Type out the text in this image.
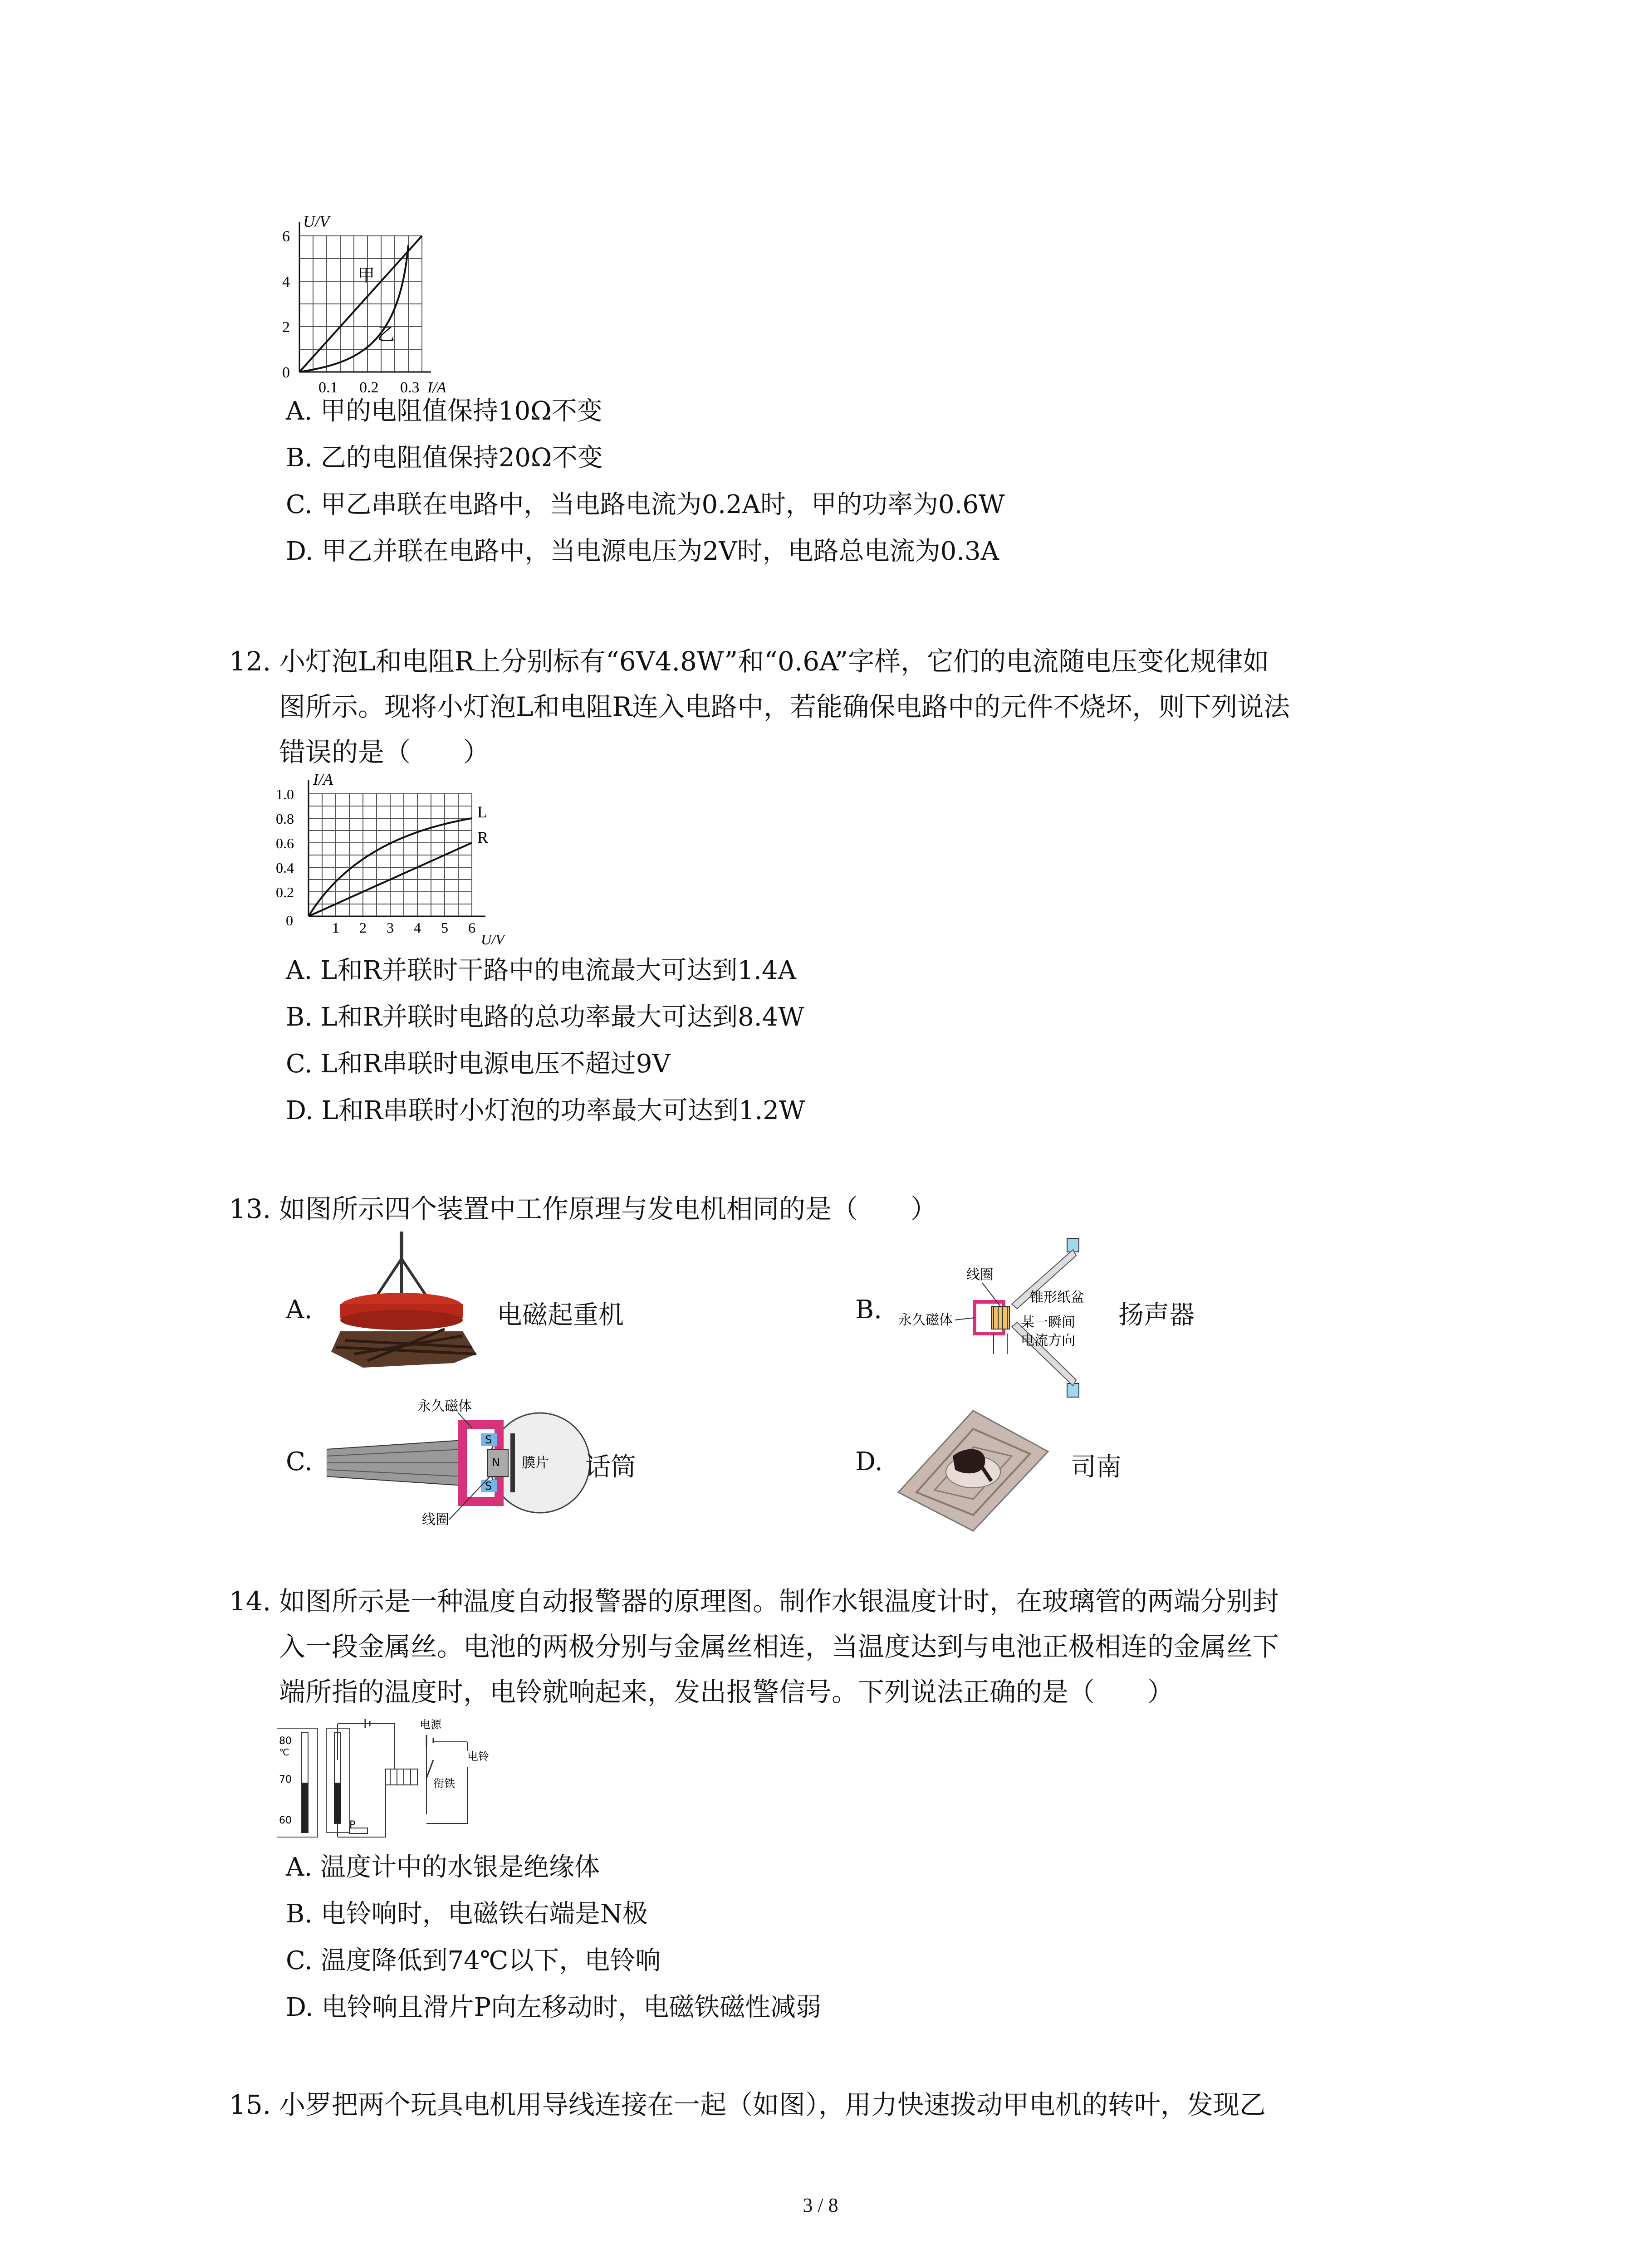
U/V
6
4
2
0
0.1 0.2 0.3 I/A
甲
乙
A. 甲的电阻值保持10Ω不变
B. 乙的电阻值保持20Ω不变
C. 甲乙串联在电路中，当电路电流为0.2A时，甲的功率为0.6W
D. 甲乙并联在电路中，当电源电压为2V时，电路总电流为0.3A
12. 小灯泡L和电阻R上分别标有“6V4.8W”和“0.6A”字样，它们的电流随电压变化规律如
图所示。现将小灯泡L和电阻R连入电路中，若能确保电路中的元件不烧坏，则下列说法
错误的是（　　）
I/A
1.0
0.8
0.6
0.4
0.2
0	1 2 3 4 5 6
U/V
L
R
A. L和R并联时干路中的电流最大可达到1.4A
B. L和R并联时电路的总功率最大可达到8.4W
C. L和R串联时电源电压不超过9V
D. L和R串联时小灯泡的功率最大可达到1.2W
13. 如图所示四个装置中工作原理与发电机相同的是（　　）
A.	电磁起重机	B.
线圈
锥形纸盆
永久磁体	某一瞬间
电流方向
扬声器
C.
永久磁体
S
S
N 膜片
线圈
话筒	D.	司南
14. 如图所示是一种温度自动报警器的原理图。制作水银温度计时，在玻璃管的两端分别封
入一段金属丝。电池的两极分别与金属丝相连，当温度达到与电池正极相连的金属丝下
端所指的温度时，电铃就响起来，发出报警信号。下列说法正确的是（　　）
80
℃
70
60	P
电源
衔铁
电铃
A. 温度计中的水银是绝缘体
B. 电铃响时，电磁铁右端是N极
C. 温度降低到74℃以下，电铃响
D. 电铃响且滑片P向左移动时，电磁铁磁性减弱
15. 小罗把两个玩具电机用导线连接在一起（如图），用力快速拨动甲电机的转叶，发现乙
3 / 8
